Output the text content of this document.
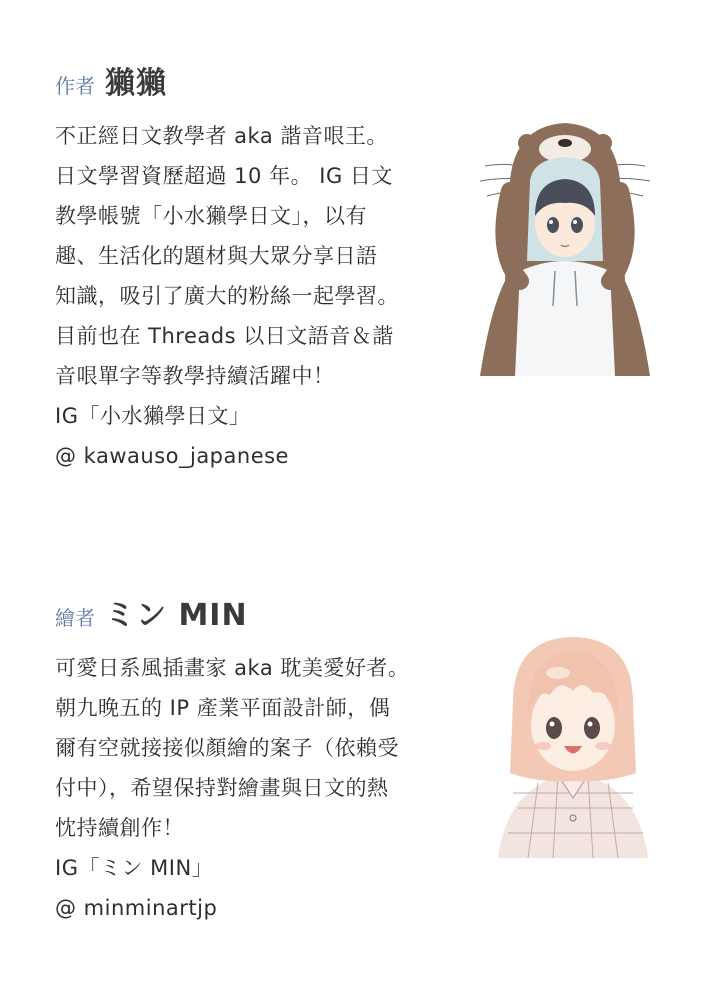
作者 獺獺
不正經日文教學者 aka 諧音哏王。
日文學習資歷超過 10 年。 IG 日文
教學帳號「小水獺學日文」，以有
趣、生活化的題材與大眾分享日語
知識，吸引了廣大的粉絲一起學習。
目前也在 Threads 以日文語音＆諧
音哏單字等教學持續活躍中！
IG「小水獺學日文」
@ kawauso_japanese
繪者 ミン MIN
可愛日系風插畫家 aka 耽美愛好者。
朝九晚五的 IP 產業平面設計師，偶
爾有空就接接似顏繪的案子（依賴受
付中），希望保持對繪畫與日文的熱
忱持續創作！
IG「ミン MIN」
@ minminartjp
